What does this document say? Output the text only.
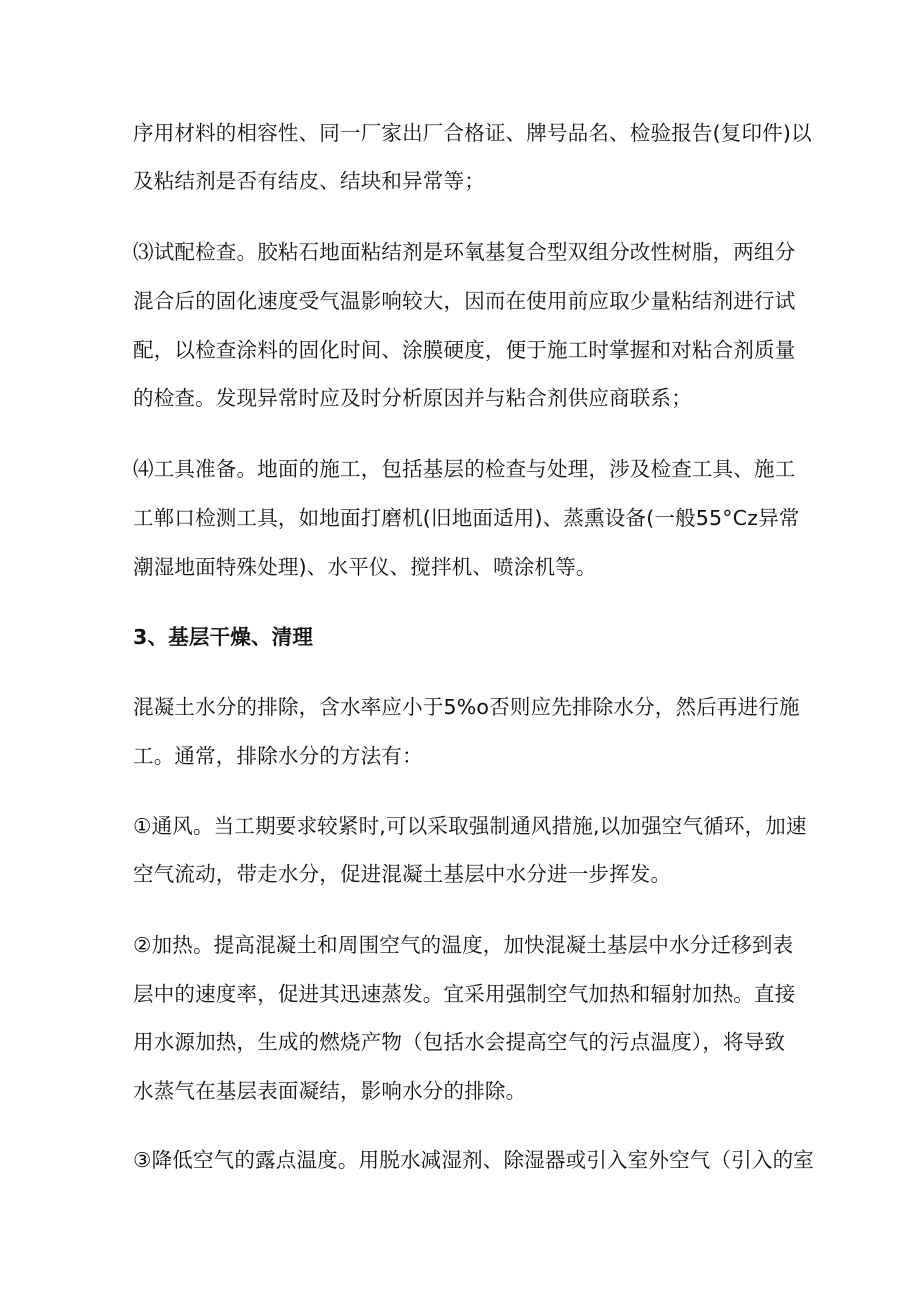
序用材料的相容性、同一厂家出厂合格证、牌号品名、检验报告(复印件)以
及粘结剂是否有结皮、结块和异常等；
⑶试配检查。胶粘石地面粘结剂是环氧基复合型双组分改性树脂，两组分
混合后的固化速度受气温影响较大，因而在使用前应取少量粘结剂进行试
配，以检查涂料的固化时间、涂膜硬度，便于施工时掌握和对粘合剂质量
的检查。发现异常时应及时分析原因并与粘合剂供应商联系；
⑷工具准备。地面的施工，包括基层的检查与处理，涉及检查工具、施工
工郸口检测工具，如地面打磨机(旧地面适用)、蒸熏设备(一般55°Cz异常
潮湿地面特殊处理)、水平仪、搅拌机、喷涂机等。
3、基层干燥、清理
混凝土水分的排除，含水率应小于5%o否则应先排除水分，然后再进行施
工。通常，排除水分的方法有：
①通风。当工期要求较紧时,可以采取强制通风措施,以加强空气循环，加速
空气流动，带走水分，促进混凝土基层中水分进一步挥发。
②加热。提高混凝土和周围空气的温度，加快混凝土基层中水分迁移到表
层中的速度率，促进其迅速蒸发。宜采用强制空气加热和辐射加热。直接
用水源加热，生成的燃烧产物（包括水会提高空气的污点温度），将导致
水蒸气在基层表面凝结，影响水分的排除。
③降低空气的露点温度。用脱水减湿剂、除湿器或引入室外空气（引入的室
